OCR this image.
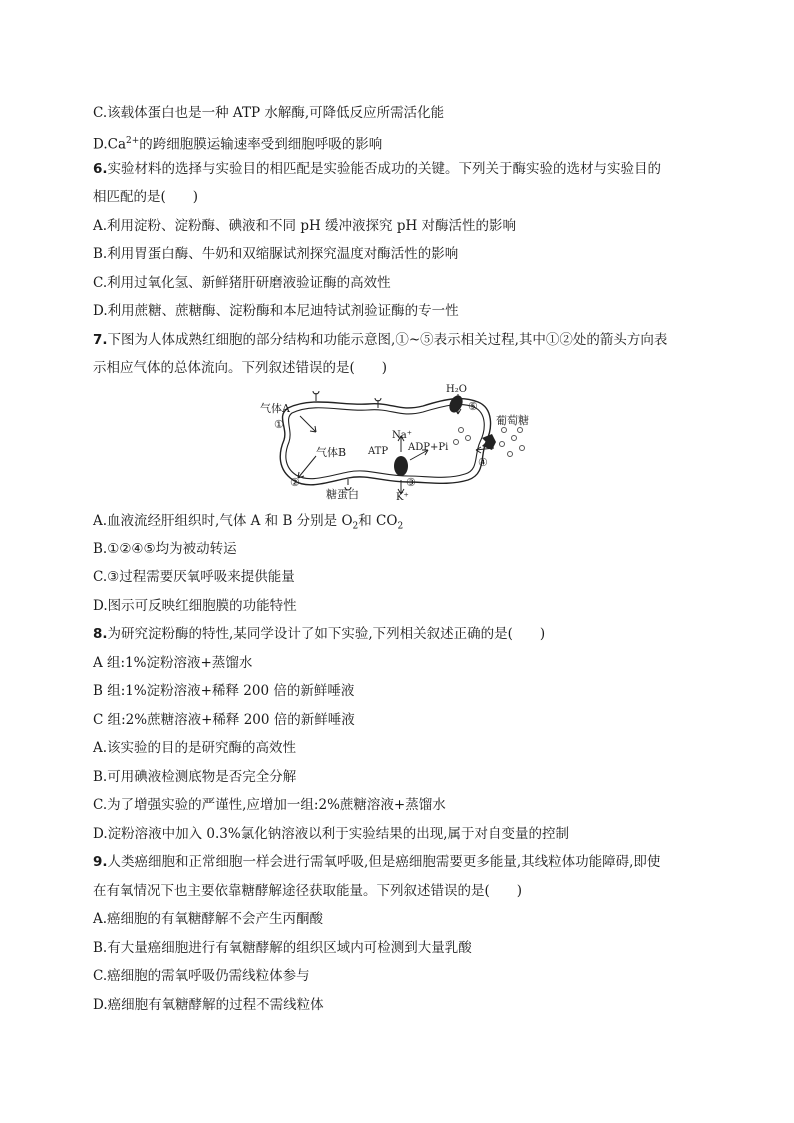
C.该载体蛋白也是一种 ATP 水解酶,可降低反应所需活化能
$D.Ca^{2+}$的跨细胞膜运输速率受到细胞呼吸的影响
6.实验材料的选择与实验目的相匹配是实验能否成功的关键。下列关于酶实验的选材与实验目的
相匹配的是(　　)
A.利用淀粉、淀粉酶、碘液和不同 pH 缓冲液探究 pH 对酶活性的影响
B.利用胃蛋白酶、牛奶和双缩脲试剂探究温度对酶活性的影响
C.利用过氧化氢、新鲜猪肝研磨液验证酶的高效性
D.利用蔗糖、蔗糖酶、淀粉酶和本尼迪特试剂验证酶的专一性
7.下图为人体成熟红细胞的部分结构和功能示意图,①~⑤表示相关过程,其中①②处的箭头方向表
示相应气体的总体流向。下列叙述错误的是(　　)
气体A
①
气体B
②
ATP
Na⁺
ADP+Pi
③
K⁺
H₂O
⑤
葡萄糖
④
糖蛋白
A.血液流经肝组织时,气体 A 和 B 分别是 $O_2$和 $CO_2$
B.①②④⑤均为被动转运
C.③过程需要厌氧呼吸来提供能量
D.图示可反映红细胞膜的功能特性
8.为研究淀粉酶的特性,某同学设计了如下实验,下列相关叙述正确的是(　　)
A 组:1%淀粉溶液+蒸馏水
B 组:1%淀粉溶液+稀释 200 倍的新鲜唾液
C 组:2%蔗糖溶液+稀释 200 倍的新鲜唾液
A.该实验的目的是研究酶的高效性
B.可用碘液检测底物是否完全分解
C.为了增强实验的严谨性,应增加一组:2%蔗糖溶液+蒸馏水
D.淀粉溶液中加入 0.3%氯化钠溶液以利于实验结果的出现,属于对自变量的控制
9.人类癌细胞和正常细胞一样会进行需氧呼吸,但是癌细胞需要更多能量,其线粒体功能障碍,即使
在有氧情况下也主要依靠糖酵解途径获取能量。下列叙述错误的是(　　)
A.癌细胞的有氧糖酵解不会产生丙酮酸
B.有大量癌细胞进行有氧糖酵解的组织区域内可检测到大量乳酸
C.癌细胞的需氧呼吸仍需线粒体参与
D.癌细胞有氧糖酵解的过程不需线粒体
